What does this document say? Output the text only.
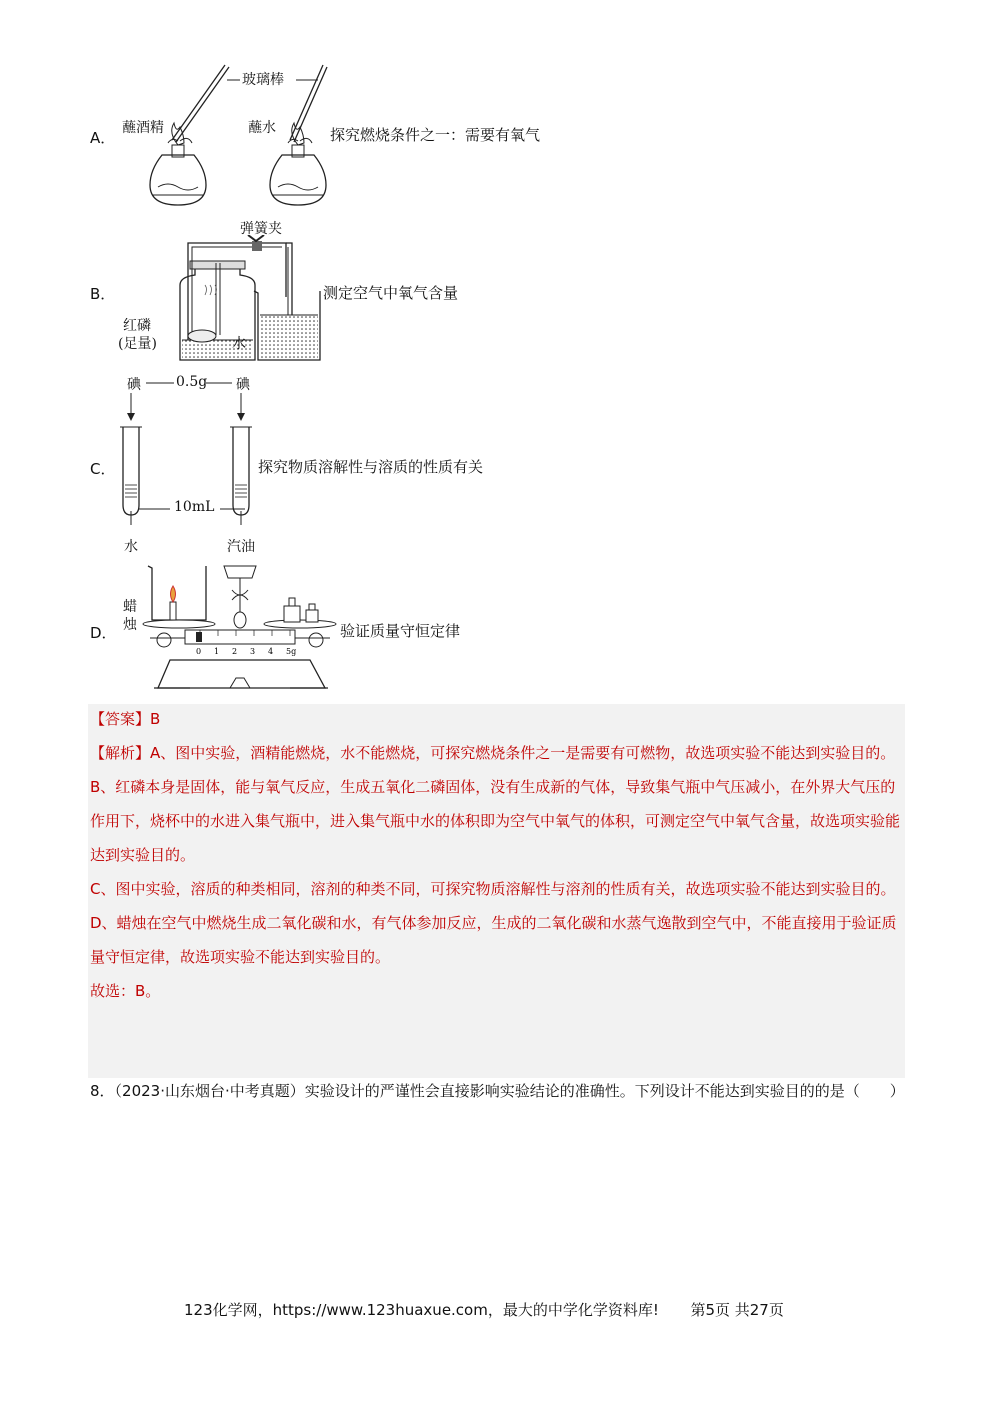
A．
玻璃棒
蘸酒精	蘸水	探究燃烧条件之一：需要有氧气
B．
弹簧夹
红磷
(足量)	水
测定空气中氧气含量
C．
碘	0.5g 碘
10mL
水	汽油
探究物质溶解性与溶质的性质有关
D．
0 1 2 3 4 5g
蜡
烛	验证质量守恒定律

【答案】B

【解析】A、图中实验，酒精能燃烧，水不能燃烧，可探究燃烧条件之一是需要有可燃物，故选项实验不能达到实验目的。

B、红磷本身是固体，能与氧气反应，生成五氧化二磷固体，没有生成新的气体，导致集气瓶中气压减小，在外界大气压的作用下，烧杯中的水进入集气瓶中，进入集气瓶中水的体积即为空气中氧气的体积，可测定空气中氧气含量，故选项实验能达到实验目的。

C、图中实验，溶质的种类相同，溶剂的种类不同，可探究物质溶解性与溶剂的性质有关，故选项实验不能达到实验目的。

D、蜡烛在空气中燃烧生成二氧化碳和水，有气体参加反应，生成的二氧化碳和水蒸气逸散到空气中，不能直接用于验证质量守恒定律，故选项实验不能达到实验目的。

故选：B。

8．（2023·山东烟台·中考真题）实验设计的严谨性会直接影响实验结论的准确性。下列设计不能达到实验目的的是（　　）
123化学网，https://www.123huaxue.com，最大的中学化学资料库! 第5页 共27页
